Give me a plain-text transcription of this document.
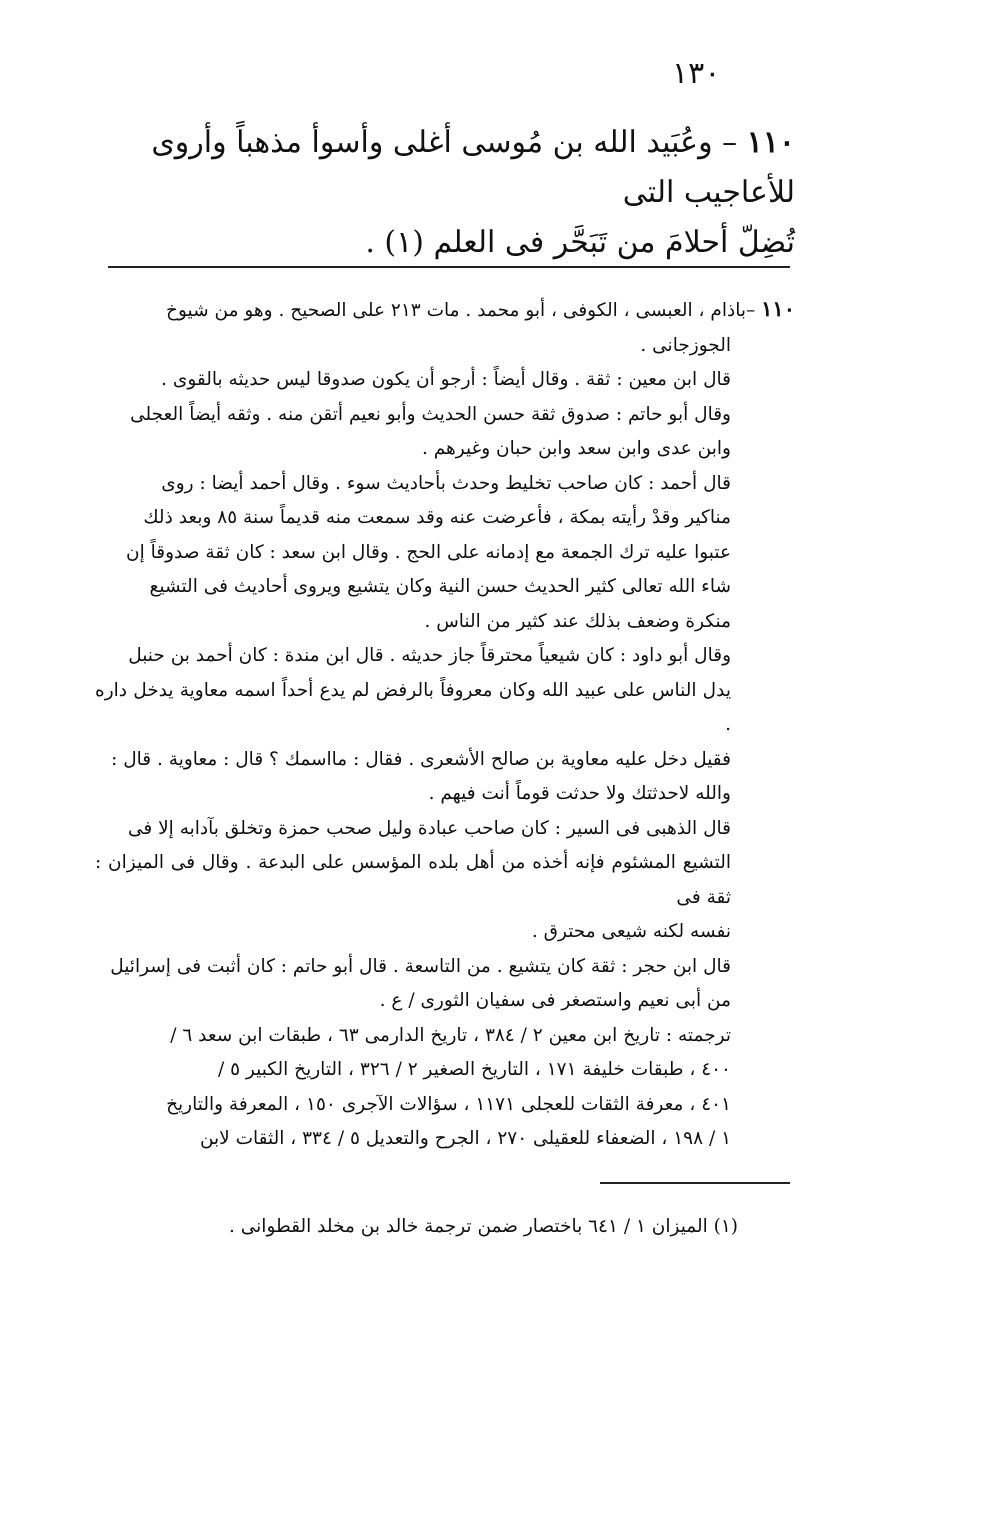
١٣٠
١١٠ – وعُبَيد الله بن مُوسى أغلى وأسوأ مذهباً وأروى للأعاجيب التى
تُضِلّ أحلامَ من تَبَحَّر فى العلم (١) .

١١٠ –باذام ، العبسى ، الكوفى ، أبو محمد . مات ٢١٣ على الصحيح . وهو من شيوخ

الجوزجانى .

قال ابن معين : ثقة . وقال أيضاً : أرجو أن يكون صدوقا ليس حديثه بالقوى .

وقال أبو حاتم : صدوق ثقة حسن الحديث وأبو نعيم أتقن منه . وثقه أيضاً العجلى

وابن عدى وابن سعد وابن حبان وغيرهم .

قال أحمد : كان صاحب تخليط وحدث بأحاديث سوء . وقال أحمد أيضا : روى

مناكير وقدْ رأيته بمكة ، فأعرضت عنه وقد سمعت منه قديماً سنة ٨٥ وبعد ذلك

عتبوا عليه ترك الجمعة مع إدمانه على الحج . وقال ابن سعد : كان ثقة صدوقاً إن

شاء الله تعالى كثير الحديث حسن النية وكان يتشيع ويروى أحاديث فى التشيع

منكرة وضعف بذلك عند كثير من الناس .

وقال أبو داود : كان شيعياً محترقاً جاز حديثه . قال ابن مندة : كان أحمد بن حنبل

يدل الناس على عبيد الله وكان معروفاً بالرفض لم يدع أحداً اسمه معاوية يدخل داره .

فقيل دخل عليه معاوية بن صالح الأشعرى . فقال : مااسمك ؟ قال : معاوية . قال :

والله لاحدثتك ولا حدثت قوماً أنت فيهم .

قال الذهبى فى السير : كان صاحب عبادة وليل صحب حمزة وتخلق بآدابه إلا فى

التشيع المشئوم فإنه أخذه من أهل بلده المؤسس على البدعة . وقال فى الميزان : ثقة فى

نفسه لكنه شيعى محترق .

قال ابن حجر : ثقة كان يتشيع . من التاسعة . قال أبو حاتم : كان أثبت فى إسرائيل

من أبى نعيم واستصغر فى سفيان الثورى / ع .

ترجمته : تاريخ ابن معين ٢ / ٣٨٤ ، تاريخ الدارمى ٦٣ ، طبقات ابن سعد ٦ /

٤٠٠ ، طبقات خليفة ١٧١ ، التاريخ الصغير ٢ / ٣٢٦ ، التاريخ الكبير ٥ /

٤٠١ ، معرفة الثقات للعجلى ١١٧١ ، سؤالات الآجرى ١٥٠ ، المعرفة والتاريخ

١ / ١٩٨ ، الضعفاء للعقيلى ٢٧٠ ، الجرح والتعديل ٥ / ٣٣٤ ، الثقات لابن

(١) الميزان ١ / ٦٤١ باختصار ضمن ترجمة خالد بن مخلد القطوانى .
